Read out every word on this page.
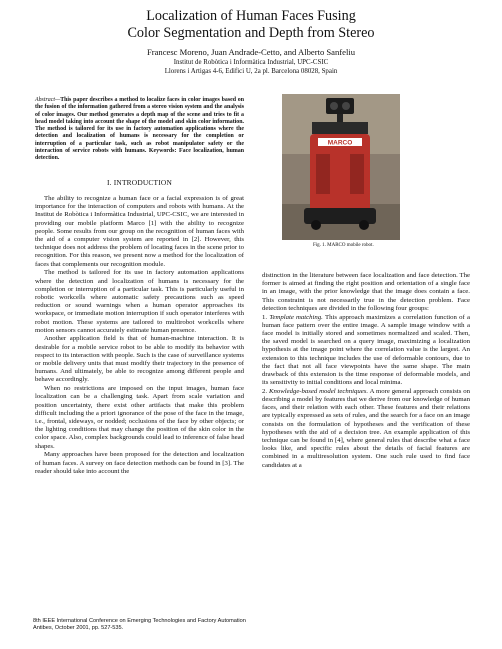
Localization of Human Faces Fusing
Color Segmentation and Depth from Stereo
Francesc Moreno, Juan Andrade-Cetto, and Alberto Sanfeliu
Institut de Robòtica i Informàtica Industrial, UPC-CSIC
Llorens i Artigas 4-6, Edifici U, 2a pl. Barcelona 08028, Spain
Abstract—This paper describes a method to localize faces in color images based on the fusion of the information gathered from a stereo vision system and the analysis of color images. Our method generates a depth map of the scene and tries to fit a head model taking into account the shape of the model and skin color information. The method is tailored for its use in factory automation applications where the detection and localization of humans is necessary for the completion or interruption of a particular task, such as robot manipulator safety or the interaction of service robots with humans. Keywords: Face localization, human detection.
I. INTRODUCTION

The ability to recognize a human face or a facial expression is of great importance for the interaction of computers and robots with humans. At the Institut de Robòtica i Informàtica Industrial, UPC-CSIC, we are interested in providing our mobile platform Marco [1] with the ability to recognize people. Some results from our group on the recognition of human faces with the aid of a computer vision system are reported in [2]. However, this technique does not address the problem of locating faces in the scene prior to recognition. For this reason, we present now a method for the localization of faces that complements our recognition module.

The method is tailored for its use in factory automation applications where the detection and localization of humans is necessary for the completion or interruption of a particular task. This is particularly useful in robotic workcells where automatic safety precautions such as speed reduction or sound warnings when a human operator approaches its workspace, or immediate motion interruption if such operator interferes with robot motion. These systems are tailored to multirobot workcells where motion sensors cannot accurately estimate human presence.

Another application field is that of human-machine interaction. It is desirable for a mobile service robot to be able to modify its behavior with respect to its interaction with people. Such is the case of surveillance systems or mobile delivery units that must modify their trajectory in the presence of humans. And ultimately, be able to recognize among different people and behave accordingly.

When no restrictions are imposed on the input images, human face localization can be a challenging task. Apart from scale variation and position uncertainty, there exist other artifacts that make this problem difficult including the a priori ignorance of the pose of the face in the image, i.e., frontal, sideways, or nodded; occlusions of the face by other objects; or the lighting conditions that may change the position of the skin color in the color space. Also, complex backgrounds could lead to inference of false head shapes.

Many approaches have been proposed for the detection and localization of human faces. A survey on face detection methods can be found in [3]. The reader should take into account the

MARCO
Fig. 1. MARCO mobile robot.

distinction in the literature between face localization and face detection. The former is aimed at finding the right position and orientation of a single face in an image, with the prior knowledge that the image does contain a face. This constraint is not necessarily true in the detection problem. Face detection techniques are divided in the following four groups:

1. Template matching. This approach maximizes a correlation function of a human face pattern over the entire image. A sample image window with a face model is initially stored and sometimes normalized and scaled. Then, the saved model is searched on a query image, maximizing a localization hypothesis at the image point where the correlation value is the largest. An extension to this technique includes the use of deformable contours, due to the fact that not all face viewpoints have the same shape. The main drawback of this extension is the time response of deformable models, and its sensitivity to initial conditions and local minima.

2. Knowledge-based model techniques. A more general approach consists on describing a model by features that we derive from our knowledge of human faces, and their relation with each other. These features and their relations are typically expressed as sets of rules, and the search for a face on an image consists on the formulation of hypotheses and the verification of these hypotheses with the aid of a decision tree. An example application of this technique can be found in [4], where general rules that describe what a face looks like, and specific rules about the details of facial features are combined in a multiresolution system. One such rule used to find face candidates at a

8th IEEE International Conference on Emerging Technologies and Factory Automation
Antibes, October 2001, pp. 527-535.
